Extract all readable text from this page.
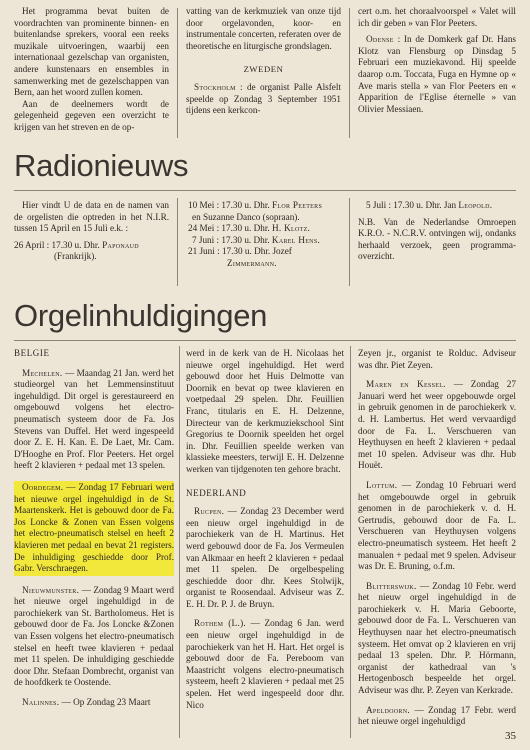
Het programma bevat buiten de voordrachten van prominente binnen- en buitenlandse sprekers, vooral een reeks muzikale uitvoeringen, waarbij een internationaal gezelschap van organisten, andere kunstenaars en ensembles in samenwerking met de gezelschappen van Bern, aan het woord zullen komen.

Aan de deelnemers wordt de gelegenheid gegeven een overzicht te krijgen van het streven en de op-

vatting van de kerkmuziek van onze tijd door orgelavonden, koor- en instrumentale concerten, referaten over de theoretische en liturgische grondslagen.

ZWEDEN

Stockholm : de organist Palle Alsfelt speelde op Zondag 3 September 1951 tijdens een kerkcon-

cert o.m. het choraalvoorspel « Valet will ich dir geben » van Flor Peeters.

Odense : In de Domkerk gaf Dr. Hans Klotz van Flensburg op Dinsdag 5 Februari een muziekavond. Hij speelde daarop o.m. Toccata, Fuga en Hymne op « Ave maris stella » van Flor Peeters en « Apparition de l'Eglise éternelle » van Olivier Messiaen.

Radionieuws

Hier vindt U de data en de namen van de orgelisten die optreden in het N.I.R. tussen 15 April en 15 Juli e.k. :

26 April : 17.30 u. Dhr. Paponaud
(Frankrijk).

10 Mei : 17.30 u. Dhr. Flor Peeters
en Suzanne Danco (sopraan).
24 Mei : 17.30 u. Dhr. H. Klotz.
7 Juni : 17.30 u. Dhr. Karel Hens.
21 Juni : 17.30 u. Dhr. Jozef
Zimmermann.

5 Juli : 17.30 u. Dhr. Jan Leopold.

N.B. Van de Nederlandse Omroepen K.R.O. - N.C.R.V. ontvingen wij, ondanks herhaald verzoek, geen programma-overzicht.

Orgelinhuldigingen

BELGIE

Mechelen. — Maandag 21 Jan. werd het studieorgel van het Lemmensinstituut ingehuldigd. Dit orgel is gerestaureerd en omgebouwd volgens het electro-pneumatisch systeem door de Fa. Jos Stevens van Duffel. Het werd ingespeeld door Z. E. H. Kan. E. De Laet, Mr. Cam. D'Hooghe en Prof. Flor Peeters. Het orgel heeft 2 klavieren + pedaal met 13 spelen.

Oordegem. — Zondag 17 Februari werd het nieuwe orgel ingehuldigd in de St. Maartenskerk. Het is gebouwd door de Fa. Jos Loncke & Zonen van Essen volgens het electro-pneumatisch stelsel en heeft 2 klavieren met pedaal en bevat 21 registers. De inhuldiging geschiedde door Prof. Gabr. Verschraegen.

Nieuwmunster. — Zondag 9 Maart werd het nieuwe orgel ingehuldigd in de parochiekerk van St. Bartholomeus. Het is gebouwd door de Fa. Jos Loncke &Zonen van Essen volgens het electro-pneumatisch stelsel en heeft twee klavieren + pedaal met 11 spelen. De inhuldiging geschiedde door Dhr. Stefaan Dombrecht, organist van de hoofdkerk te Oostende.

Nalinnes. — Op Zondag 23 Maart

werd in de kerk van de H. Nicolaas het nieuwe orgel ingehuldigd. Het werd gebouwd door het Huis Delmotte van Doornik en bevat op twee klavieren en voetpedaal 29 spelen. Dhr. Feuillien Franc, titularis en E. H. Delzenne, Directeur van de kerkmuziekschool Sint Gregorius te Doornik speelden het orgel in. Dhr. Feuillien speelde werken van klassieke meesters, terwijl E. H. Delzenne werken van tijdgenoten ten gehore bracht.

NEDERLAND

Rucpen. — Zondag 23 December werd een nieuw orgel ingehuldigd in de parochiekerk van de H. Martinus. Het werd gebouwd door de Fa. Jos Vermeulen van Alkmaar en heeft 2 klavieren + pedaal met 11 spelen. De orgelbespeling geschiedde door dhr. Kees Stolwijk, organist te Roosendaal. Adviseur was Z. E. H. Dr. P. J. de Bruyn.

Rothem (L.). — Zondag 6 Jan. werd een nieuw orgel ingehuldigd in de parochiekerk van het H. Hart. Het orgel is gebouwd door de Fa. Pereboom van Maastricht volgens electro-pneumatisch systeem, heeft 2 klavieren + pedaal met 25 spelen. Het werd ingespeeld door dhr. Nico

Zeyen jr., organist te Rolduc. Adviseur was dhr. Piet Zeyen.

Maren en Kessel. — Zondag 27 Januari werd het weer opgebouwde orgel in gebruik genomen in de parochiekerk v. d. H. Lambertus. Het werd vervaardigd door de Fa. L. Verschueren van Heythuysen en heeft 2 klavieren + pedaal met 10 spelen. Adviseur was dhr. Hub Houët.

Lottum. — Zondag 10 Februari werd het omgebouwde orgel in gebruik genomen in de parochiekerk v. d. H. Gertrudis, gebouwd door de Fa. L. Verschueren van Heythuysen volgens electro-pneumatisch systeem. Het heeft 2 manualen + pedaal met 9 spelen. Adviseur was Dr. E. Bruning, o.f.m.

Blitterswijk. — Zondag 10 Febr. werd het nieuw orgel ingehuldigd in de parochiekerk v. H. Maria Geboorte, gebouwd door de Fa. L. Verschueren van Heythuysen naar het electro-pneumatisch systeem. Het omvat op 2 klavieren en vrij pedaal 13 spelen. Dhr. P. Hörmann, organist der kathedraal van 's Hertogenbosch bespeelde het orgel. Adviseur was dhr. P. Zeyen van Kerkrade.

Apeldoorn. — Zondag 17 Febr. werd het nieuwe orgel ingehuldigd

35
